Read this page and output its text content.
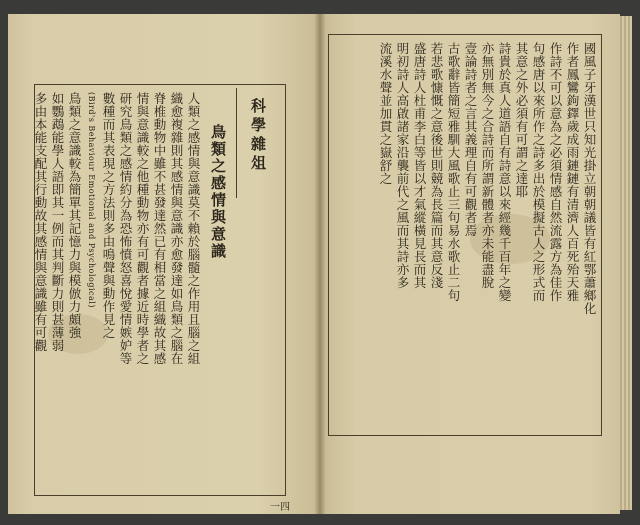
科學雜俎
鳥類之感情與意識
人類之感情與意識莫不賴於腦髓之作用且腦之組
織愈複雜則其感情與意識亦愈發達如鳥類之腦在
脊椎動物中雖不甚發達然已有相當之組織故其感
情與意識較之他種動物亦有可觀者據近時學者之
研究鳥類之感情約分為恐怖憤怒喜悅愛情嫉妒等
數種而其表現之方法則多由鳴聲與動作見之
(Bird's Behaviour Emotional and Psychological)
鳥類之意識較為簡單其記憶力與模倣力頗強
如鸚鵡能學人語即其一例而其判斷力則甚薄弱
多由本能支配其行動故其感情與意識雖有可觀
一四
國風子牙漢世只知光掛立朝朝議皆有紅鄂蕭鄉化
作者鳳鸞鉤鐸歲成雨鏈鏈有清濟人百死殆天雅
作詩不可以意為之必須情感自然流露方為佳作
句感唐以來所作之詩多出於模擬古人之形式而
其意之外必須有可謂之達耶
詩貴於真人道語自有詩意以來經幾千百年之變
亦無別無今之合詩而所謂新體者亦未能盡脫
壹論詩者之言其義理自有可觀者焉
古歌辭皆簡短雅馴大風歌止三句易水歌止二句
若悲歌慷慨之意後世則競為長篇而其意反淺
盛唐詩人杜甫李白等皆以才氣縱橫見長而其
明初詩人高啟諸家沿襲前代之風而其詩亦多
流溪水聲並加貫之嶽舒之
